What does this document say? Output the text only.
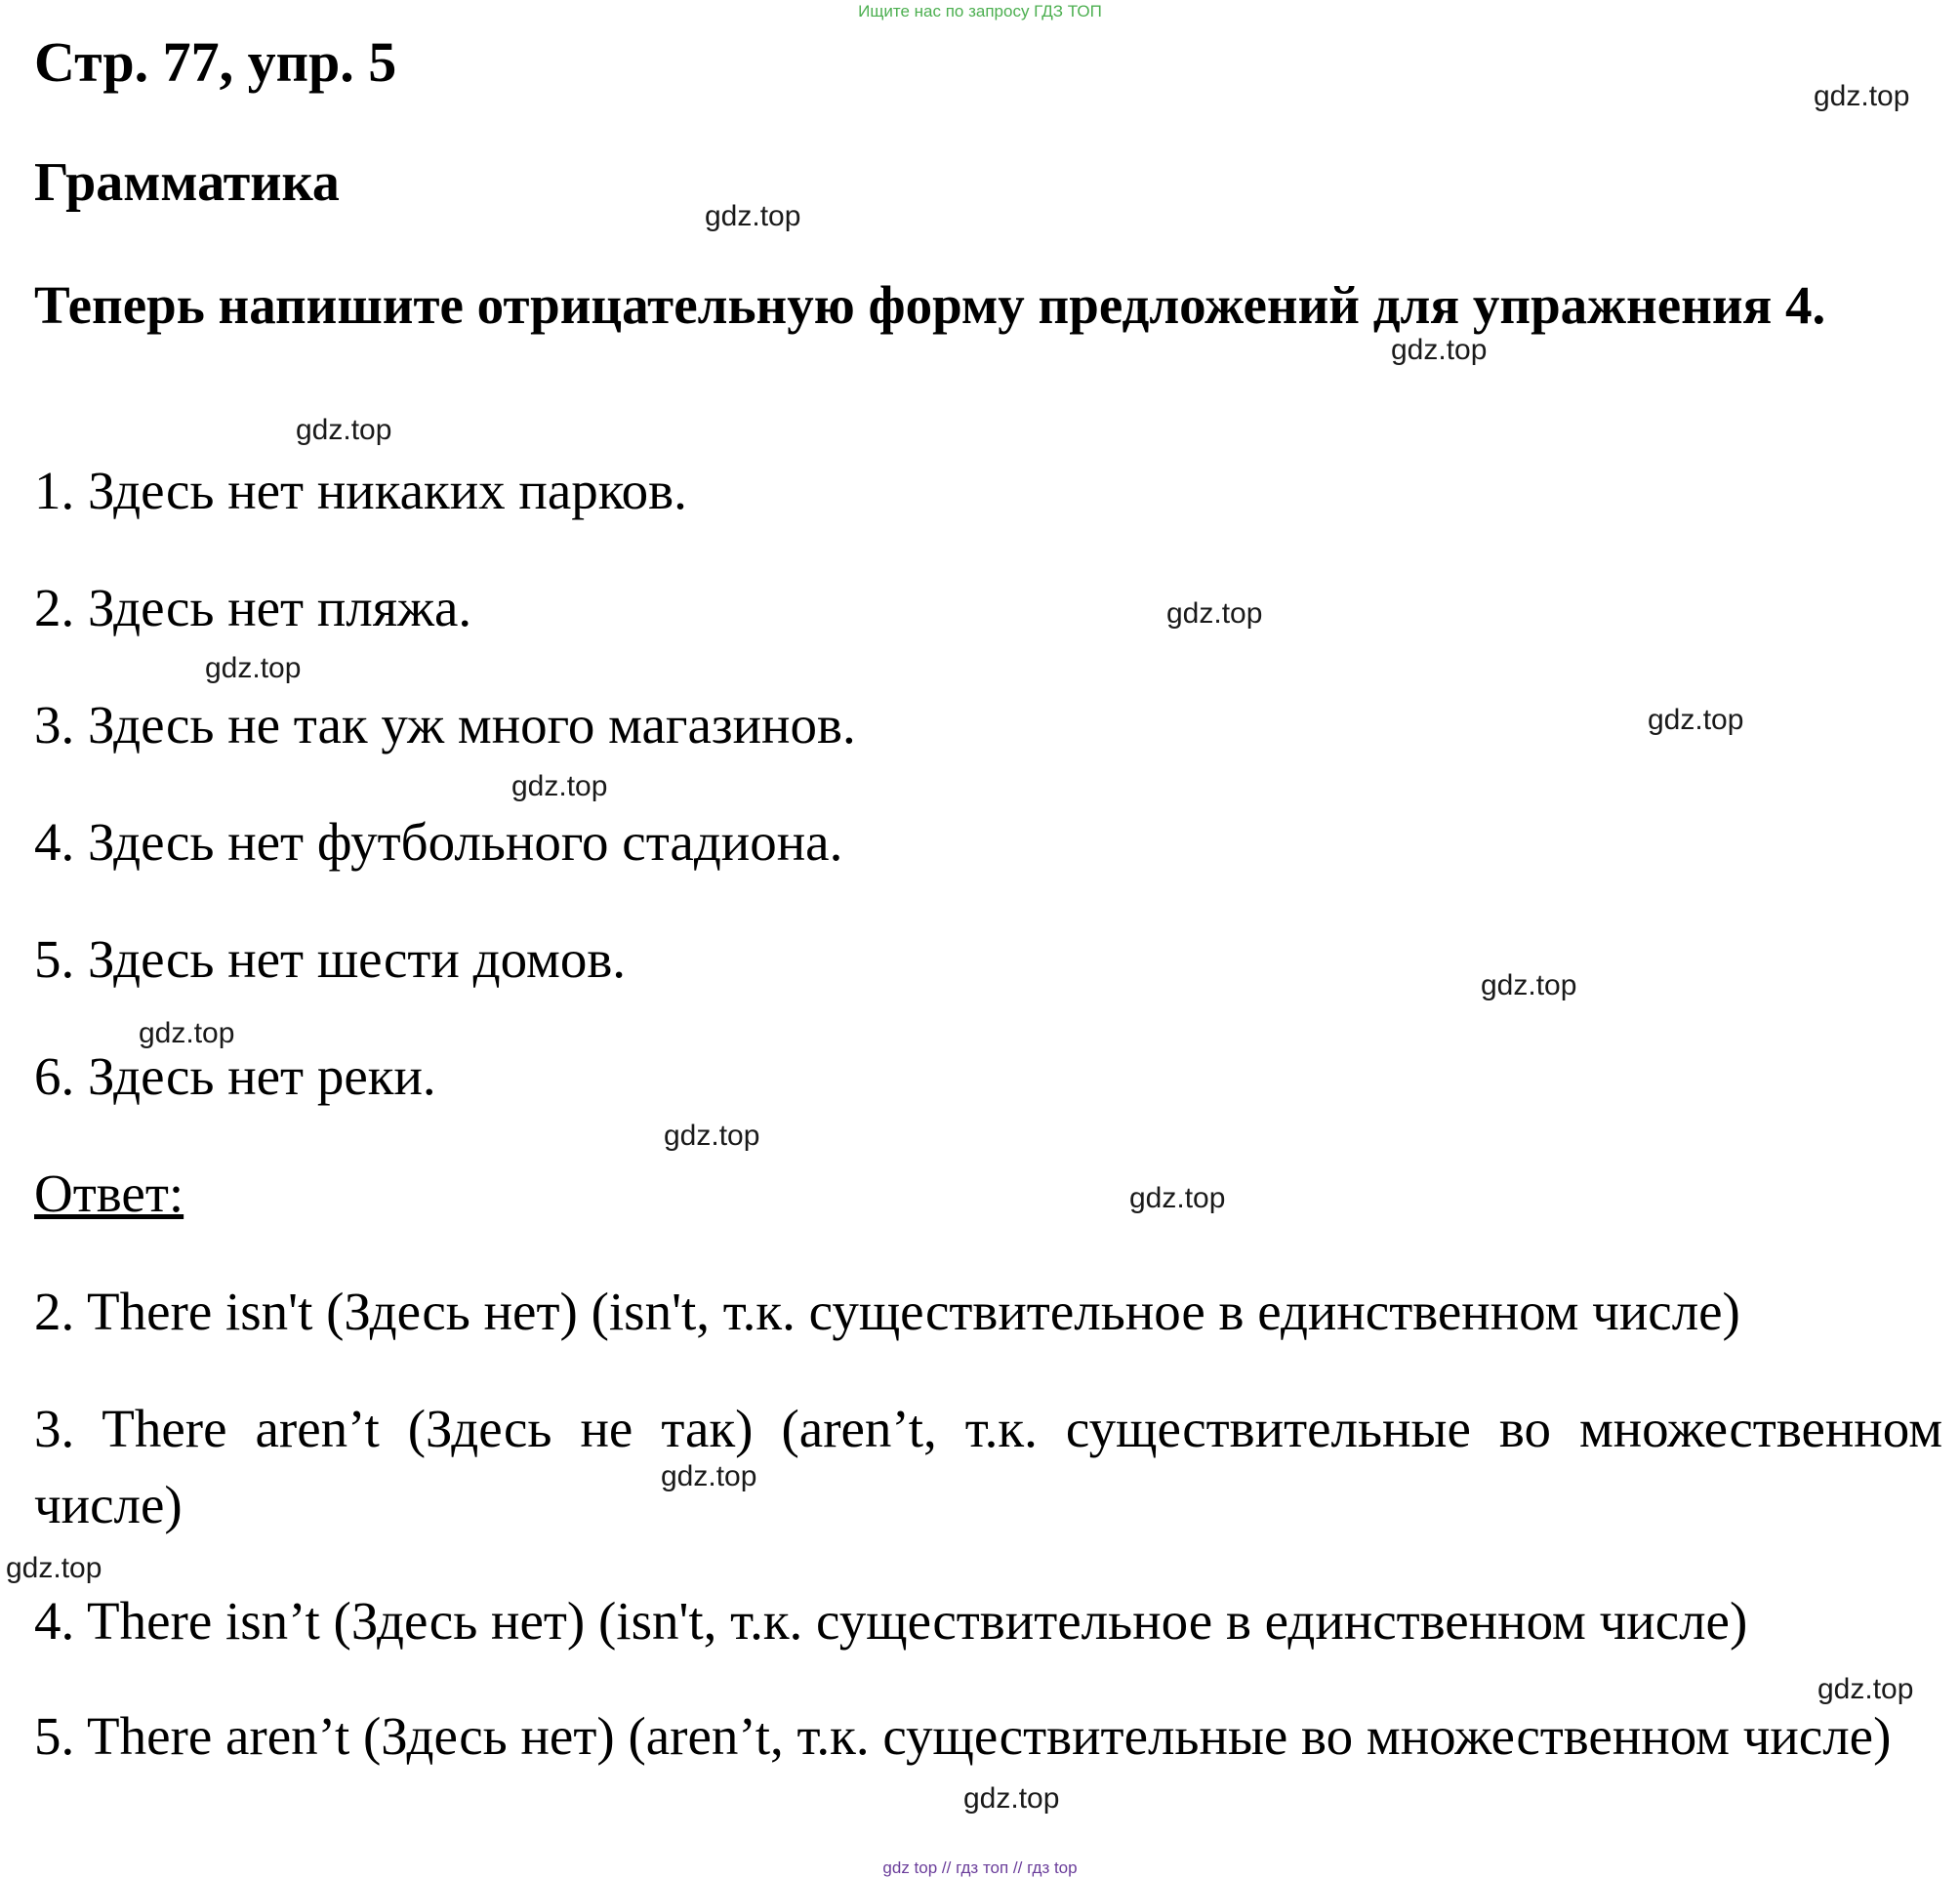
Ищите нас по запросу ГДЗ ТОП
Стр. 77, упр. 5
Грамматика
Теперь напишите отрицательную форму предложений для упражнения 4.
1. Здесь нет никаких парков.
2. Здесь нет пляжа.
3. Здесь не так уж много магазинов.
4. Здесь нет футбольного стадиона.
5. Здесь нет шести домов.
6. Здесь нет реки.
Ответ:
2. There isn't (Здесь нет) (isn't, т.к. существительное в единственном числе)
3. There aren’t (Здесь не так) (aren’t, т.к. существительные во множественном числе)
4. There isn’t (Здесь нет) (isn't, т.к. существительное в единственном числе)
5. There aren’t (Здесь нет) (aren’t, т.к. существительные во множественном числе)
gdz.top
gdz.top
gdz.top
gdz.top
gdz.top
gdz.top
gdz.top
gdz.top
gdz.top
gdz.top
gdz.top
gdz.top
gdz.top
gdz.top
gdz.top
gdz.top
gdz top // гдз топ // гдз top
